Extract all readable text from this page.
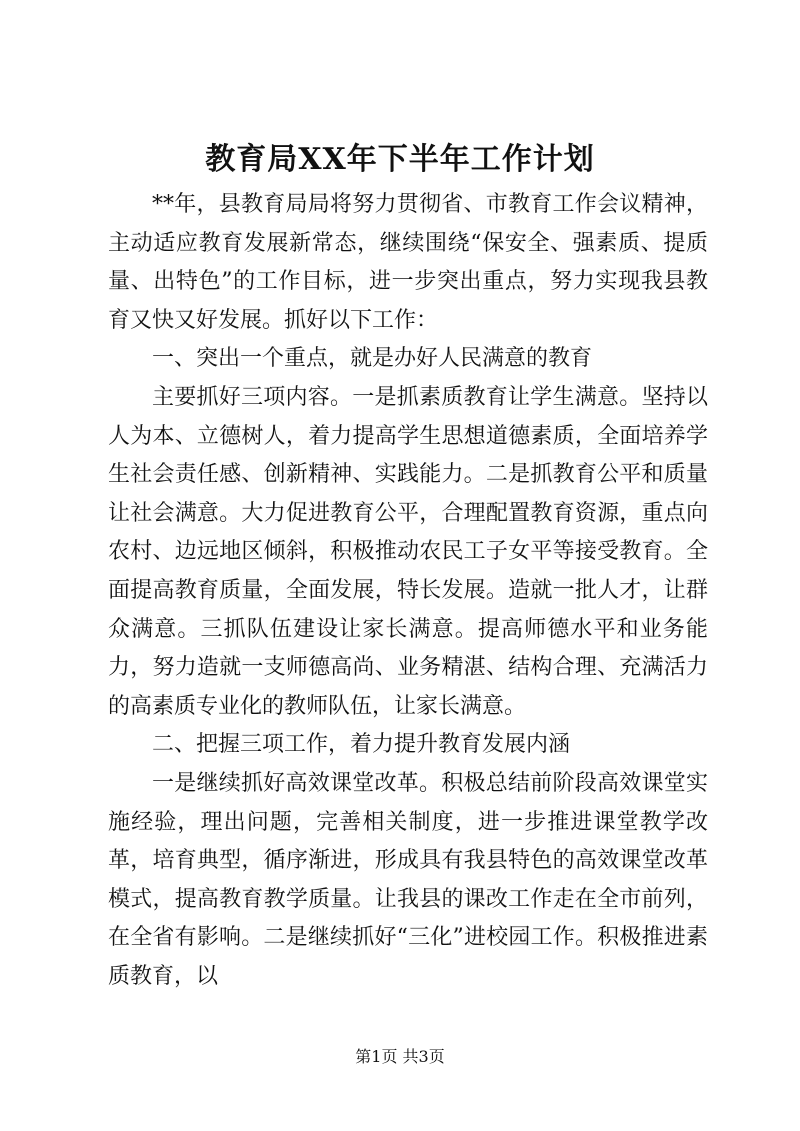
教育局XX年下半年工作计划

**年，县教育局局将努力贯彻省、市教育工作会议精神，主动适应教育发展新常态，继续围绕“保安全、强素质、提质量、出特色”的工作目标，进一步突出重点，努力实现我县教育又快又好发展。抓好以下工作：

一、突出一个重点，就是办好人民满意的教育

主要抓好三项内容。一是抓素质教育让学生满意。坚持以人为本、立德树人，着力提高学生思想道德素质，全面培养学生社会责任感、创新精神、实践能力。二是抓教育公平和质量让社会满意。大力促进教育公平，合理配置教育资源，重点向农村、边远地区倾斜，积极推动农民工子女平等接受教育。全面提高教育质量，全面发展，特长发展。造就一批人才，让群众满意。三抓队伍建设让家长满意。提高师德水平和业务能力，努力造就一支师德高尚、业务精湛、结构合理、充满活力的高素质专业化的教师队伍，让家长满意。

二、把握三项工作，着力提升教育发展内涵

一是继续抓好高效课堂改革。积极总结前阶段高效课堂实施经验，理出问题，完善相关制度，进一步推进课堂教学改革，培育典型，循序渐进，形成具有我县特色的高效课堂改革模式，提高教育教学质量。让我县的课改工作走在全市前列，在全省有影响。二是继续抓好“三化”进校园工作。积极推进素质教育，以

第1页 共3页
